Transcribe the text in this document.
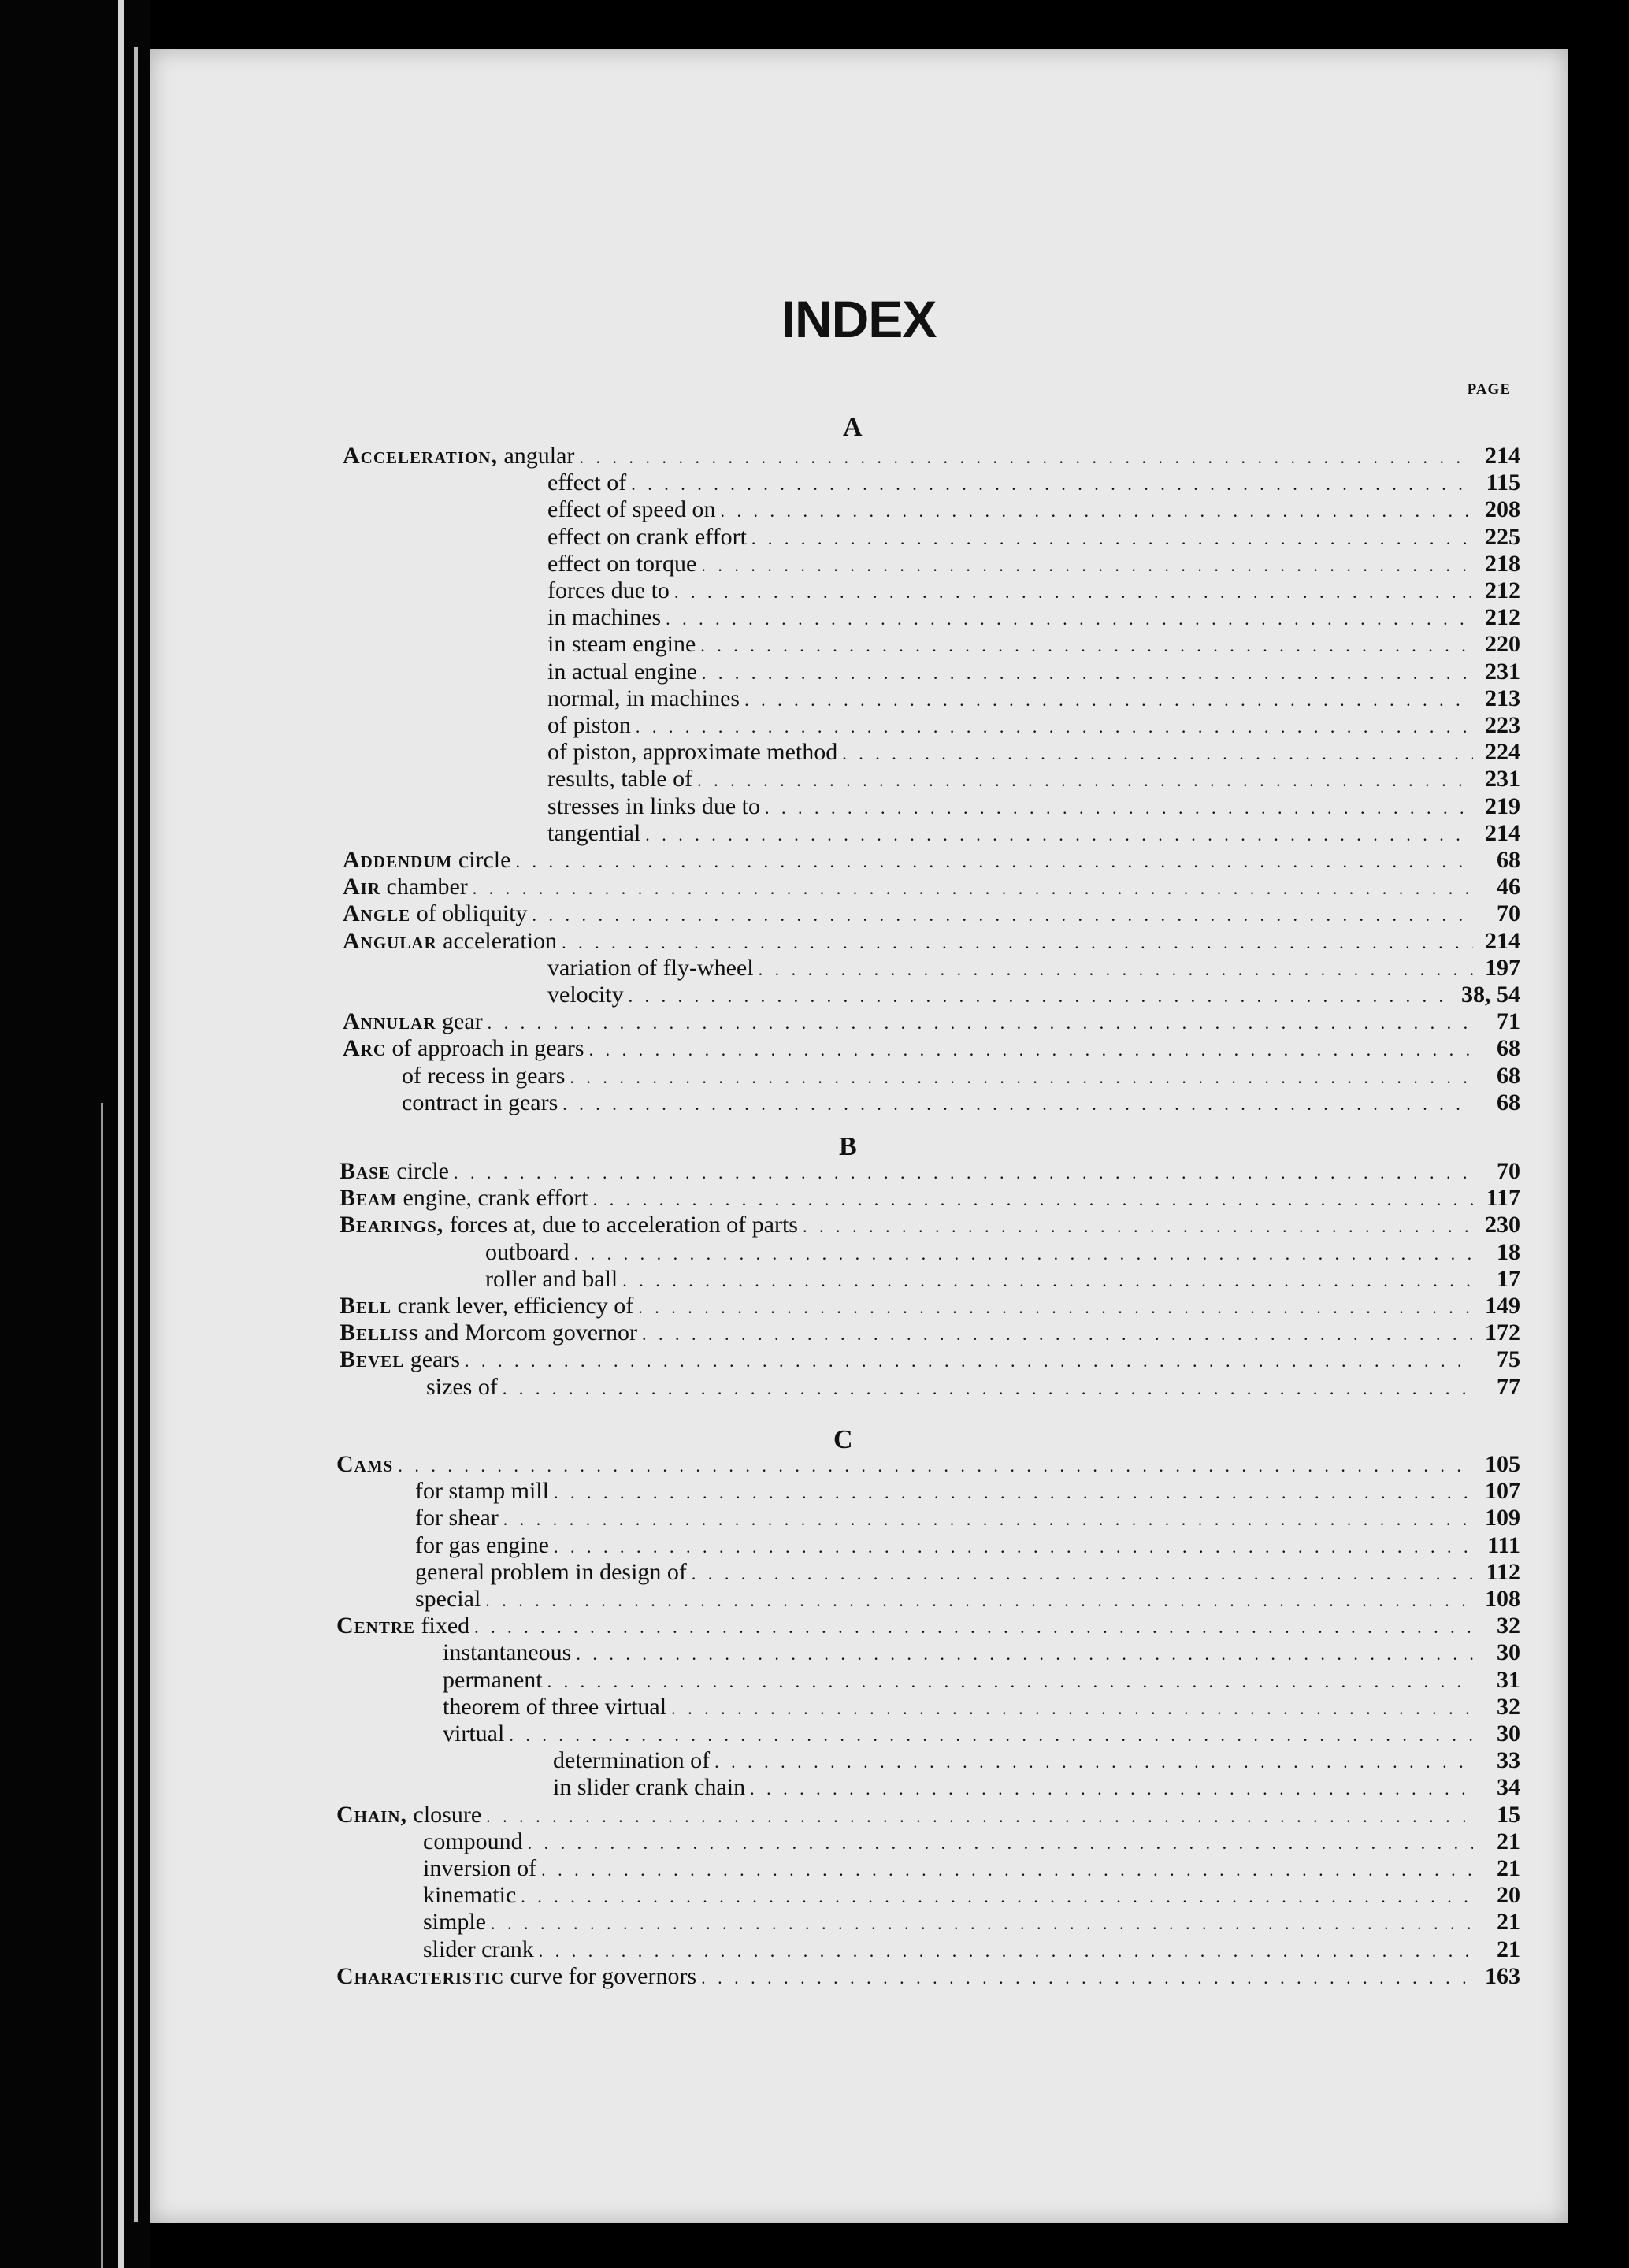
INDEX
PAGE
A
Acceleration, angular . . .	214
effect of . . .	115
effect of speed on . . .	208
effect on crank effort . . .	225
effect on torque . . .	218
forces due to . . .	212
in machines . . .	212
in steam engine . . .	220
in actual engine . . .	231
normal, in machines . . .	213
of piston . . .	223
of piston, approximate method . . .	224
results, table of . . .	231
stresses in links due to . . .	219
tangential . . .	214
Addendum circle . . .	68
Air chamber . . .	46
Angle of obliquity . . .	70
Angular acceleration . . .	214
variation of fly-wheel . . .	197
velocity . . .	38, 54
Annular gear . . .	71
Arc of approach in gears . . .	68
of recess in gears . . .	68
contract in gears . . .	68
B
Base circle . . .	70
Beam engine, crank effort . . .	117
Bearings, forces at, due to acceleration of parts . . .	230
outboard . . .	18
roller and ball . . .	17
Bell crank lever, efficiency of . . .	149
Belliss and Morcom governor . . .	172
Bevel gears . . .	75
sizes of . . .	77
C
Cams . . .	105
for stamp mill . . .	107
for shear . . .	109
for gas engine . . .	111
general problem in design of . . .	112
special . . .	108
Centre fixed . . .	32
instantaneous . . .	30
permanent . . .	31
theorem of three virtual . . .	32
virtual . . .	30
determination of . . .	33
in slider crank chain . . .	34
Chain, closure . . .	15
compound . . .	21
inversion of . . .	21
kinematic . . .	20
simple . . .	21
slider crank . . .	21
Characteristic curve for governors . . .	163
